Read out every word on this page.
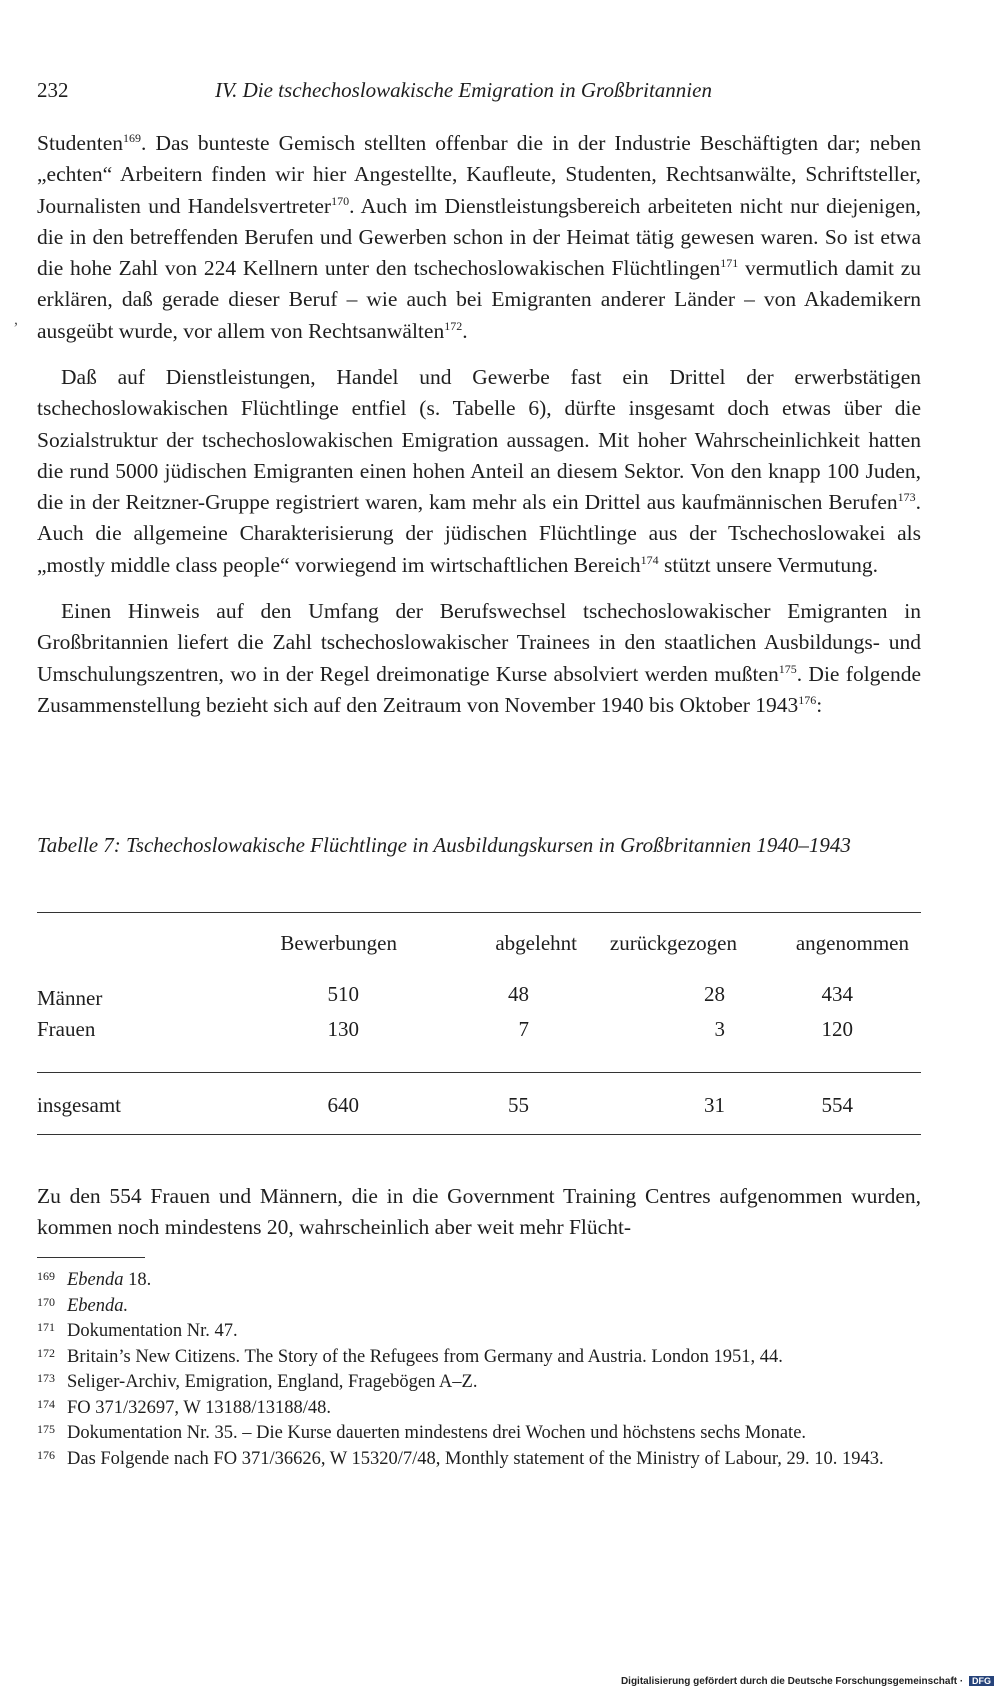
232	IV. Die tschechoslowakische Emigration in Großbritannien
,

Studenten$^{169}$. Das bunteste Gemisch stellten offenbar die in der Industrie Beschäftigten dar; neben „echten“ Arbeitern finden wir hier Angestellte, Kaufleute, Studenten, Rechtsanwälte, Schriftsteller, Journalisten und Handelsvertreter$^{170}$. Auch im Dienstleistungsbereich arbeiteten nicht nur diejenigen, die in den betreffenden Berufen und Gewerben schon in der Heimat tätig gewesen waren. So ist etwa die hohe Zahl von 224 Kellnern unter den tschechoslowakischen Flüchtlingen$^{171}$ vermutlich damit zu erklären, daß gerade dieser Beruf – wie auch bei Emigranten anderer Länder – von Akademikern ausgeübt wurde, vor allem von Rechtsanwälten$^{172}$.

Daß auf Dienstleistungen, Handel und Gewerbe fast ein Drittel der erwerbstätigen tschechoslowakischen Flüchtlinge entfiel (s. Tabelle 6), dürfte insgesamt doch etwas über die Sozialstruktur der tschechoslowakischen Emigration aussagen. Mit hoher Wahrscheinlichkeit hatten die rund 5000 jüdischen Emigranten einen hohen Anteil an diesem Sektor. Von den knapp 100 Juden, die in der Reitzner-Gruppe registriert waren, kam mehr als ein Drittel aus kaufmännischen Berufen$^{173}$. Auch die allgemeine Charakterisierung der jüdischen Flüchtlinge aus der Tschechoslowakei als „mostly middle class people“ vorwiegend im wirtschaftlichen Bereich$^{174}$ stützt unsere Vermutung.

Einen Hinweis auf den Umfang der Berufswechsel tschechoslowakischer Emigranten in Großbritannien liefert die Zahl tschechoslowakischer Trainees in den staatlichen Ausbildungs- und Umschulungszentren, wo in der Regel dreimonatige Kurse absolviert werden mußten$^{175}$. Die folgende Zusammenstellung bezieht sich auf den Zeitraum von November 1940 bis Oktober 1943$^{176}$:

Tabelle 7: Tschechoslowakische Flüchtlinge in Ausbildungskursen in Großbritannien 1940–1943

	Bewerbungen	abgelehnt	zurückgezogen	angenommen
Männer	510	48	28	434
Frauen	130	7	3	120
insgesamt	640	55	31	554

Zu den 554 Frauen und Männern, die in die Government Training Centres aufgenommen wurden, kommen noch mindestens 20, wahrscheinlich aber weit mehr Flücht-

169 Ebenda 18.
170 Ebenda.
171 Dokumentation Nr. 47.
172 Britain’s New Citizens. The Story of the Refugees from Germany and Austria. London 1951, 44.
173 Seliger-Archiv, Emigration, England, Fragebögen A–Z.
174 FO 371/32697, W 13188/13188/48.
175 Dokumentation Nr. 35. – Die Kurse dauerten mindestens drei Wochen und höchstens sechs Monate.
176 Das Folgende nach FO 371/36626, W 15320/7/48, Monthly statement of the Ministry of Labour, 29. 10. 1943.
Digitalisierung gefördert durch die Deutsche Forschungsgemeinschaft · DFG
